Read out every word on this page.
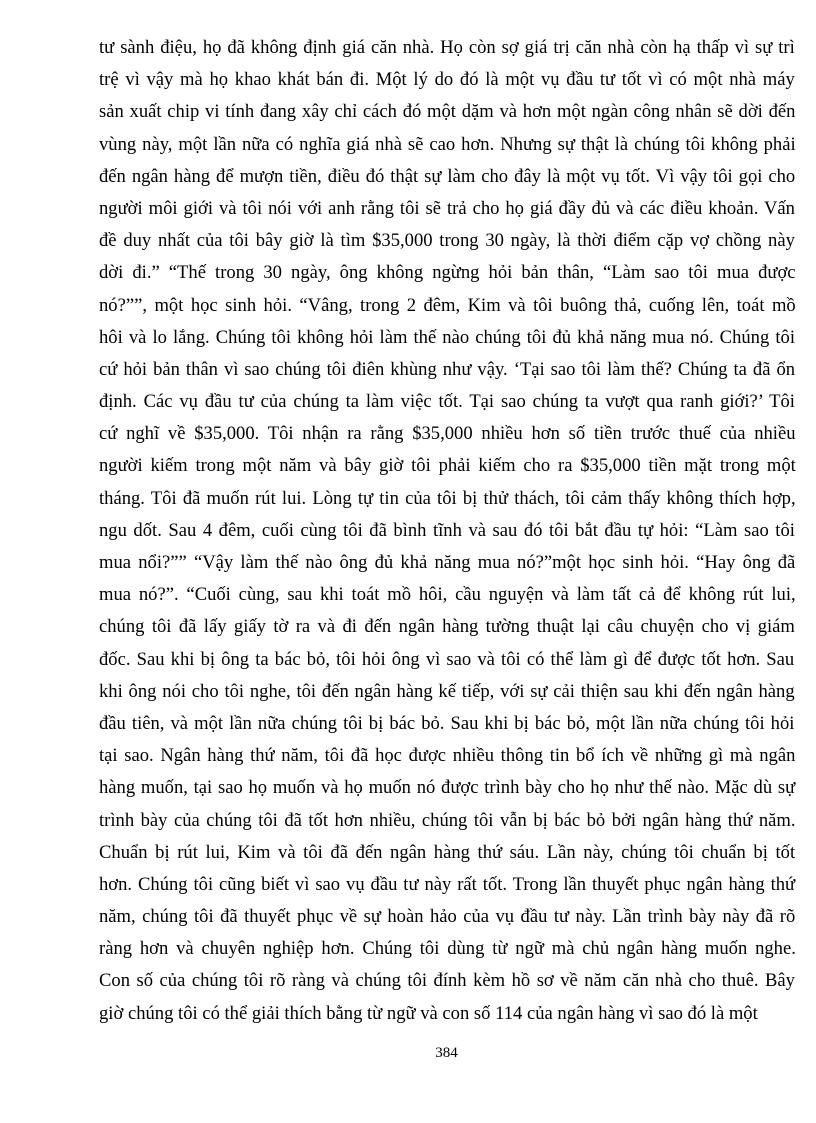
tư sành điệu, họ đã không định giá căn nhà. Họ còn sợ giá trị căn nhà còn hạ thấp vì sự trì
trệ vì vậy mà họ khao khát bán đi. Một lý do đó là một vụ đầu tư tốt vì có một nhà máy
sản xuất chip vi tính đang xây chỉ cách đó một dặm và hơn một ngàn công nhân sẽ dời đến
vùng này, một lần nữa có nghĩa giá nhà sẽ cao hơn. Nhưng sự thật là chúng tôi không phải
đến ngân hàng để mượn tiền, điều đó thật sự làm cho đây là một vụ tốt. Vì vậy tôi gọi cho
người môi giới và tôi nói với anh rằng tôi sẽ trả cho họ giá đầy đủ và các điều khoản. Vấn
đề duy nhất của tôi bây giờ là tìm $35,000 trong 30 ngày, là thời điểm cặp vợ chồng này
dời đi.” “Thế trong 30 ngày, ông không ngừng hỏi bản thân, “Làm sao tôi mua được
nó?””, một học sinh hỏi. “Vâng, trong 2 đêm, Kim và tôi buông thả, cuống lên, toát mồ
hôi và lo lắng. Chúng tôi không hỏi làm thế nào chúng tôi đủ khả năng mua nó. Chúng tôi
cứ hỏi bản thân vì sao chúng tôi điên khùng như vậy. ‘Tại sao tôi làm thế? Chúng ta đã ổn
định. Các vụ đầu tư của chúng ta làm việc tốt. Tại sao chúng ta vượt qua ranh giới?’ Tôi
cứ nghĩ về $35,000. Tôi nhận ra rằng $35,000 nhiều hơn số tiền trước thuế của nhiều
người kiếm trong một năm và bây giờ tôi phải kiếm cho ra $35,000 tiền mặt trong một
tháng. Tôi đã muốn rút lui. Lòng tự tin của tôi bị thử thách, tôi cảm thấy không thích hợp,
ngu dốt. Sau 4 đêm, cuối cùng tôi đã bình tĩnh và sau đó tôi bắt đầu tự hỏi: “Làm sao tôi
mua nổi?”” “Vậy làm thế nào ông đủ khả năng mua nó?”một học sinh hỏi. “Hay ông đã
mua nó?”. “Cuối cùng, sau khi toát mồ hôi, cầu nguyện và làm tất cả để không rút lui,
chúng tôi đã lấy giấy tờ ra và đi đến ngân hàng tường thuật lại câu chuyện cho vị giám
đốc. Sau khi bị ông ta bác bỏ, tôi hỏi ông vì sao và tôi có thể làm gì để được tốt hơn. Sau
khi ông nói cho tôi nghe, tôi đến ngân hàng kế tiếp, với sự cải thiện sau khi đến ngân hàng
đầu tiên, và một lần nữa chúng tôi bị bác bỏ. Sau khi bị bác bỏ, một lần nữa chúng tôi hỏi
tại sao. Ngân hàng thứ năm, tôi đã học được nhiều thông tin bổ ích về những gì mà ngân
hàng muốn, tại sao họ muốn và họ muốn nó được trình bày cho họ như thế nào. Mặc dù sự
trình bày của chúng tôi đã tốt hơn nhiều, chúng tôi vẫn bị bác bỏ bởi ngân hàng thứ năm.
Chuẩn bị rút lui, Kim và tôi đã đến ngân hàng thứ sáu. Lần này, chúng tôi chuẩn bị tốt
hơn. Chúng tôi cũng biết vì sao vụ đầu tư này rất tốt. Trong lần thuyết phục ngân hàng thứ
năm, chúng tôi đã thuyết phục về sự hoàn hảo của vụ đầu tư này. Lần trình bày này đã rõ
ràng hơn và chuyên nghiệp hơn. Chúng tôi dùng từ ngữ mà chủ ngân hàng muốn nghe.
Con số của chúng tôi rõ ràng và chúng tôi đính kèm hồ sơ về năm căn nhà cho thuê. Bây
giờ chúng tôi có thể giải thích bằng từ ngữ và con số 114 của ngân hàng vì sao đó là một
384
